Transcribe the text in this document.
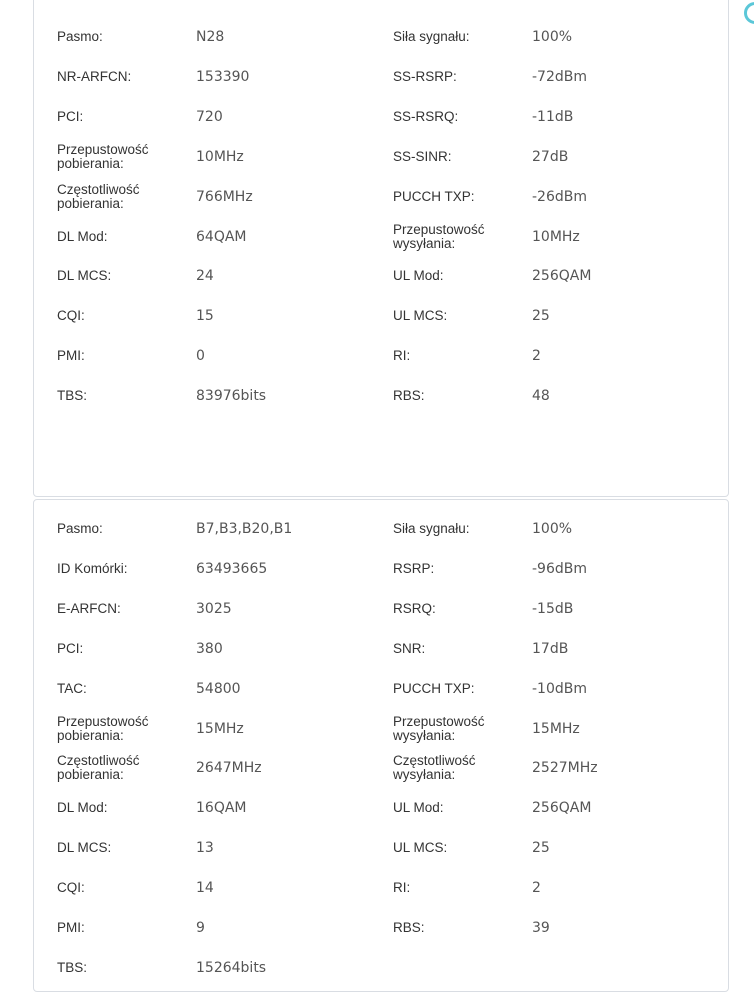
Pasmo:	N28	Siła sygnału:	100%
NR-ARFCN:	153390	SS-RSRP:	-72dBm
PCI:	720	SS-RSRQ:	-11dB
Przepustowość pobierania:	10MHz	SS-SINR:	27dB
Częstotliwość pobierania:	766MHz	PUCCH TXP:	-26dBm
DL Mod:	64QAM	Przepustowość wysyłania:	10MHz
DL MCS:	24	UL Mod:	256QAM
CQI:	15	UL MCS:	25
PMI:	0	RI:	2
TBS:	83976bits	RBS:	48
Pasmo:	B7,B3,B20,B1	Siła sygnału:	100%
ID Komórki:	63493665	RSRP:	-96dBm
E-ARFCN:	3025	RSRQ:	-15dB
PCI:	380	SNR:	17dB
TAC:	54800	PUCCH TXP:	-10dBm
Przepustowość pobierania:	15MHz	Przepustowość wysyłania:	15MHz
Częstotliwość pobierania:	2647MHz	Częstotliwość wysyłania:	2527MHz
DL Mod:	16QAM	UL Mod:	256QAM
DL MCS:	13	UL MCS:	25
CQI:	14	RI:	2
PMI:	9	RBS:	39
TBS:	15264bits
